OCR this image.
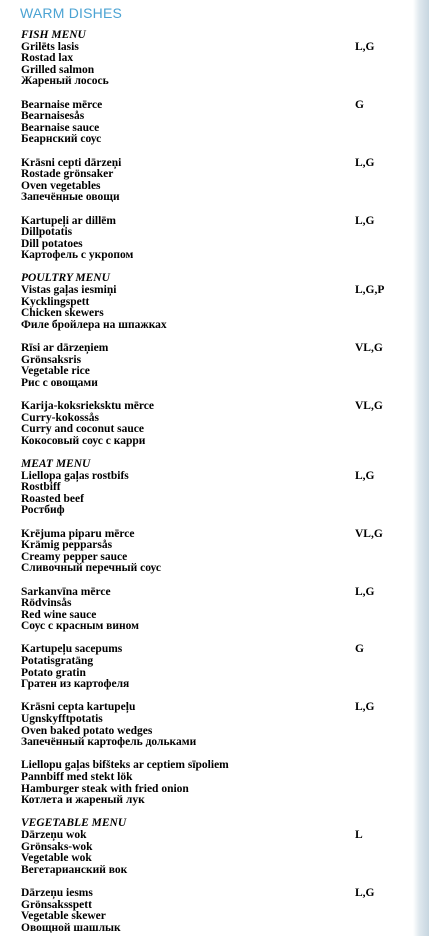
WARM DISHES
FISH MENU
Grilēts lasis
Rostad lax
Grilled salmon
Жареный лосось
L,G
Bearnaise mērce
Bearnaisesås
Bearnaise sauce
Беарнский соус
G
Krāsni cepti dārzeņi
Rostade grönsaker
Oven vegetables
Запечённые овощи
L,G
Kartupeļi ar dillēm
Dillpotatis
Dill potatoes
Картофель с укропом
L,G
POULTRY MENU
Vistas gaļas iesmiņi
Kycklingspett
Chicken skewers
Филе бройлера на шпажках
L,G,P
Rīsi ar dārzeņiem
Grönsaksris
Vegetable rice
Рис с овощами
VL,G
Karija-koksrieksktu mērce
Curry-kokossås
Curry and coconut sauce
Кокосовый соус с карри
VL,G
MEAT MENU
Liellopa gaļas rostbifs
Rostbiff
Roasted beef
Ростбиф
L,G
Krējuma piparu mērce
Krämig pepparsås
Creamy pepper sauce
Сливочный перечный соус
VL,G
Sarkanvīna mērce
Rödvinsås
Red wine sauce
Соус с красным вином
L,G
Kartupeļu sacepums
Potatisgratäng
Potato gratin
Гратен из картофеля
G
Krāsni cepta kartupeļu
Ugnskyfftpotatis
Oven baked potato wedges
Запечённый картофель дольками
L,G
Liellopu gaļas bifšteks ar ceptiem sīpoliem
Pannbiff med stekt lök
Hamburger steak with fried onion
Котлета и жареный лук
VEGETABLE MENU
Dārzeņu wok
Grönsaks-wok
Vegetable wok
Вегетарианский вок
L
Dārzeņu iesms
Grönsaksspett
Vegetable skewer
Овощной шашлык
L,G
